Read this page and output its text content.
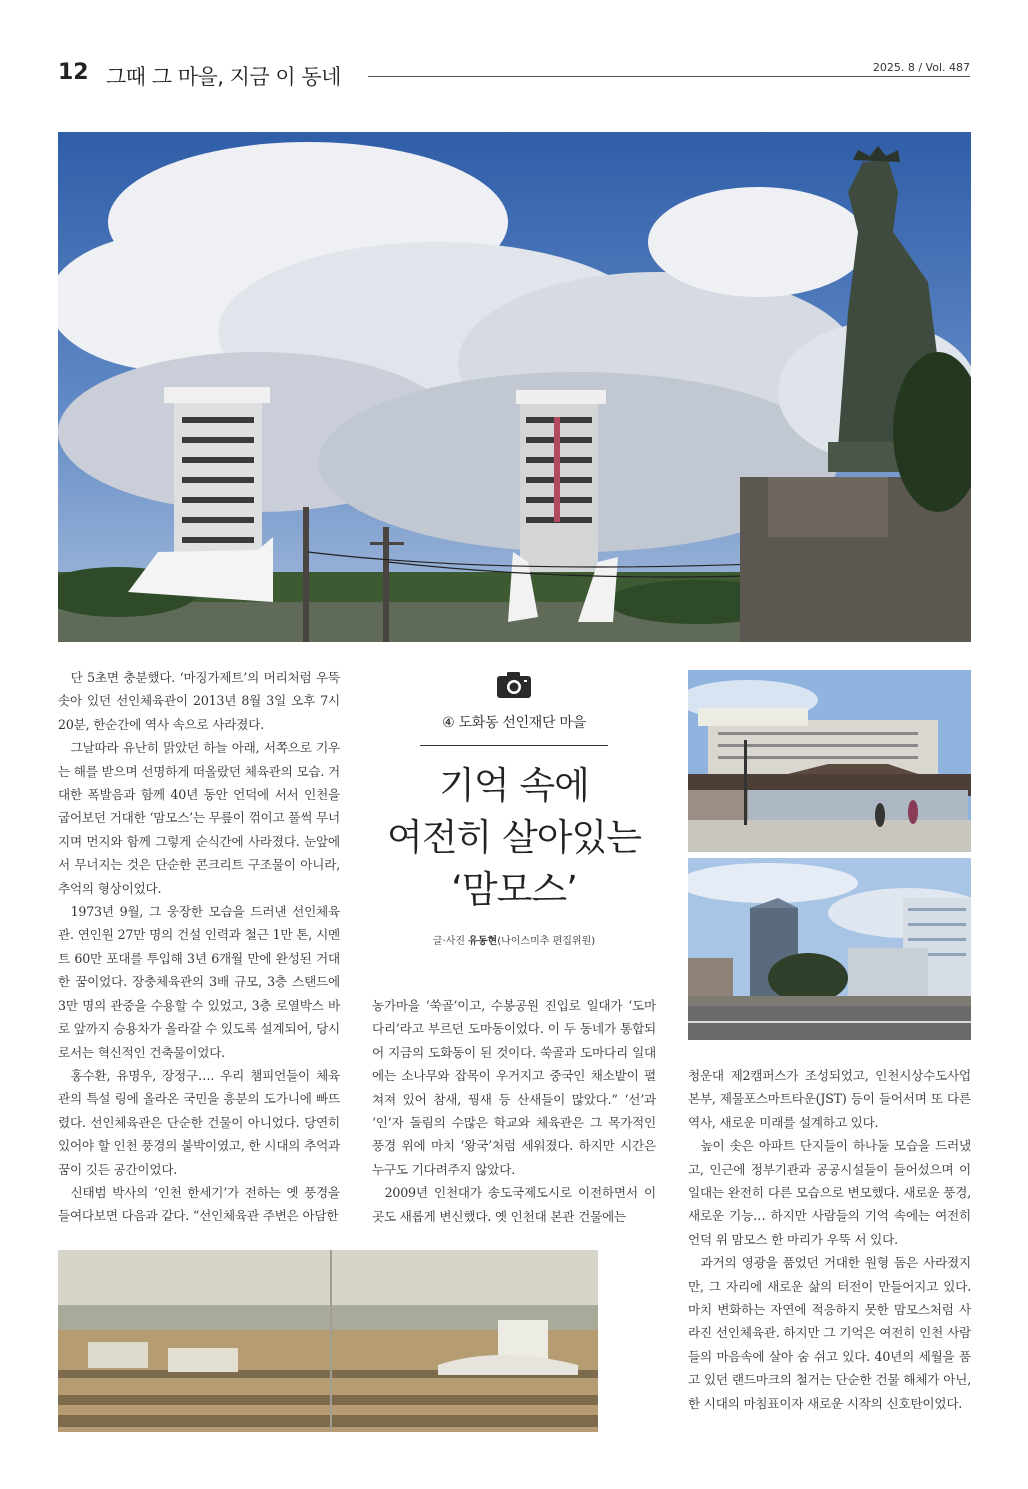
12 그때 그 마을, 지금 이 동네	2025. 8 / Vol. 487

단 5초면 충분했다. ‘마징가제트’의 머리처럼 우뚝 솟아 있던 선인체육관이 2013년 8월 3일 오후 7시 20분, 한순간에 역사 속으로 사라졌다.

그날따라 유난히 맑았던 하늘 아래, 서쪽으로 기우는 해를 받으며 선명하게 떠올랐던 체육관의 모습. 거대한 폭발음과 함께 40년 동안 언덕에 서서 인천을 굽어보던 거대한 ‘맘모스’는 무릎이 꺾이고 풀썩 무너지며 먼지와 함께 그렇게 순식간에 사라졌다. 눈앞에서 무너지는 것은 단순한 콘크리트 구조물이 아니라, 추억의 형상이었다.

1973년 9월, 그 웅장한 모습을 드러낸 선인체육관. 연인원 27만 명의 건설 인력과 철근 1만 톤, 시멘트 60만 포대를 투입해 3년 6개월 만에 완성된 거대한 꿈이었다. 장충체육관의 3배 규모, 3층 스탠드에 3만 명의 관중을 수용할 수 있었고, 3층 로열박스 바로 앞까지 승용차가 올라갈 수 있도록 설계되어, 당시로서는 혁신적인 건축물이었다.

홍수환, 유명우, 장정구…. 우리 챔피언들이 체육관의 특설 링에 올라온 국민을 흥분의 도가니에 빠뜨렸다. 선인체육관은 단순한 건물이 아니었다. 당연히 있어야 할 인천 풍경의 붙박이였고, 한 시대의 추억과 꿈이 깃든 공간이었다.

신태범 박사의 ‘인천 한세기’가 전하는 옛 풍경을 들여다보면 다음과 같다. “선인체육관 주변은 아담한

④ 도화동 선인재단 마을
기억 속에
여전히 살아있는
‘맘모스’
글·사진 유동현(나이스미추 편집위원)

농가마을 ‘쑥골’이고, 수봉공원 진입로 일대가 ‘도마다리’라고 부르던 도마동이었다. 이 두 동네가 통합되어 지금의 도화동이 된 것이다. 쑥골과 도마다리 일대에는 소나무와 잡목이 우거지고 중국인 채소밭이 펼쳐져 있어 참새, 꿩새 등 산새들이 많았다.” ‘선’과 ‘인’자 돌림의 수많은 학교와 체육관은 그 목가적인 풍경 위에 마치 ‘왕국’처럼 세워졌다. 하지만 시간은 누구도 기다려주지 않았다.

2009년 인천대가 송도국제도시로 이전하면서 이곳도 새롭게 변신했다. 옛 인천대 본관 건물에는

청운대 제2캠퍼스가 조성되었고, 인천시상수도사업본부, 제물포스마트타운(JST) 등이 들어서며 또 다른 역사, 새로운 미래를 설계하고 있다.

높이 솟은 아파트 단지들이 하나둘 모습을 드러냈고, 인근에 정부기관과 공공시설들이 들어섰으며 이 일대는 완전히 다른 모습으로 변모했다. 새로운 풍경, 새로운 기능… 하지만 사람들의 기억 속에는 여전히 언덕 위 맘모스 한 마리가 우뚝 서 있다.

과거의 영광을 품었던 거대한 원형 돔은 사라졌지만, 그 자리에 새로운 삶의 터전이 만들어지고 있다. 마치 변화하는 자연에 적응하지 못한 맘모스처럼 사라진 선인체육관. 하지만 그 기억은 여전히 인천 사람들의 마음속에 살아 숨 쉬고 있다. 40년의 세월을 품고 있던 랜드마크의 철거는 단순한 건물 해체가 아닌, 한 시대의 마침표이자 새로운 시작의 신호탄이었다.
